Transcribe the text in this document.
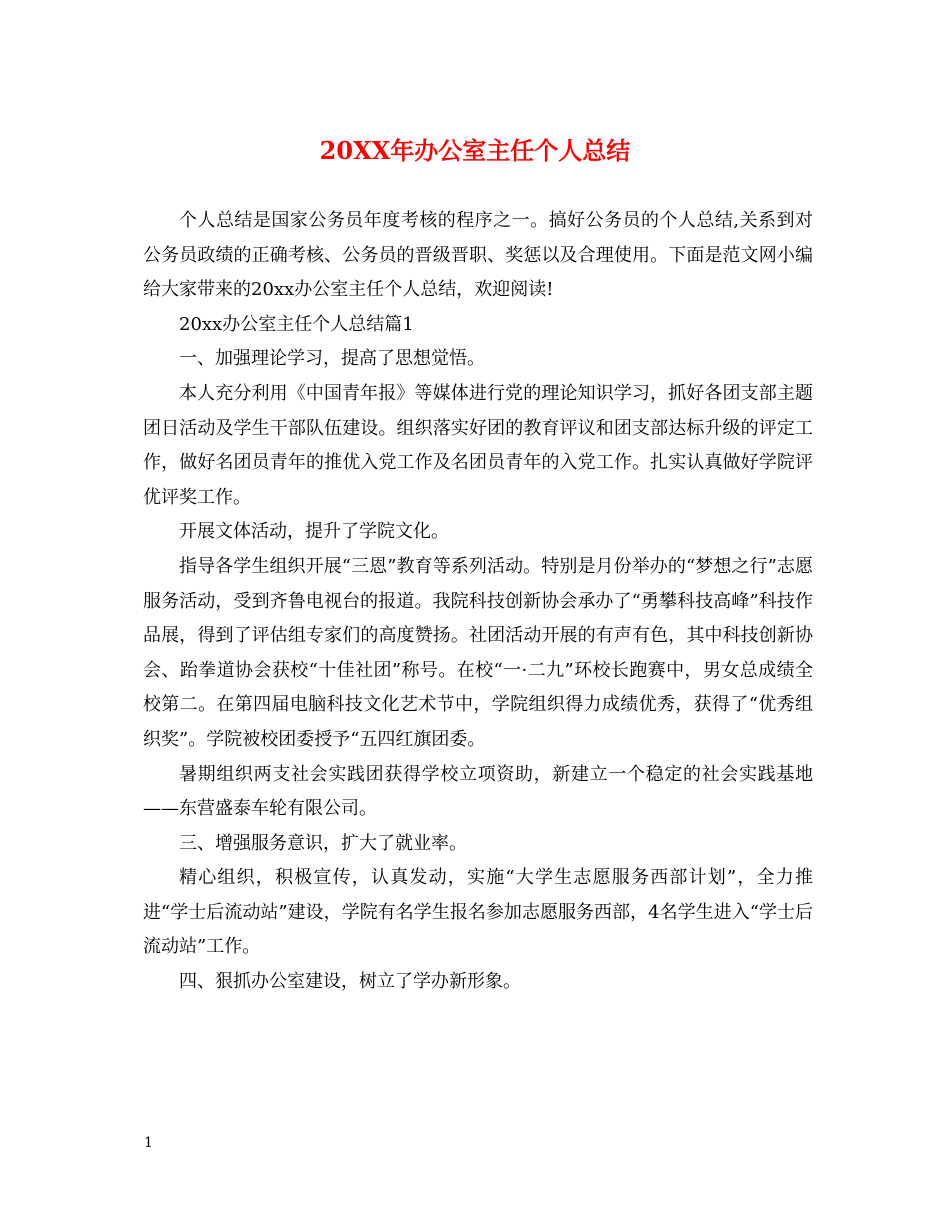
20XX年办公室主任个人总结

个人总结是国家公务员年度考核的程序之一。搞好公务员的个人总结,关系到对公务员政绩的正确考核、公务员的晋级晋职、奖惩以及合理使用。下面是范文网小编给大家带来的20xx办公室主任个人总结，欢迎阅读!

20xx办公室主任个人总结篇1

一、加强理论学习，提高了思想觉悟。

本人充分利用《中国青年报》等媒体进行党的理论知识学习，抓好各团支部主题团日活动及学生干部队伍建设。组织落实好团的教育评议和团支部达标升级的评定工作，做好名团员青年的推优入党工作及名团员青年的入党工作。扎实认真做好学院评优评奖工作。

开展文体活动，提升了学院文化。

指导各学生组织开展“三恩”教育等系列活动。特别是月份举办的“梦想之行”志愿服务活动，受到齐鲁电视台的报道。我院科技创新协会承办了“勇攀科技高峰”科技作品展，得到了评估组专家们的高度赞扬。社团活动开展的有声有色，其中科技创新协会、跆拳道协会获校“十佳社团”称号。在校“一·二九”环校长跑赛中，男女总成绩全校第二。在第四届电脑科技文化艺术节中，学院组织得力成绩优秀，获得了“优秀组织奖”。学院被校团委授予“五四红旗团委。

暑期组织两支社会实践团获得学校立项资助，新建立一个稳定的社会实践基地——东营盛泰车轮有限公司。

三、增强服务意识，扩大了就业率。

精心组织，积极宣传，认真发动，实施“大学生志愿服务西部计划”，全力推进“学士后流动站”建设，学院有名学生报名参加志愿服务西部，4名学生进入“学士后流动站”工作。

四、狠抓办公室建设，树立了学办新形象。

1
